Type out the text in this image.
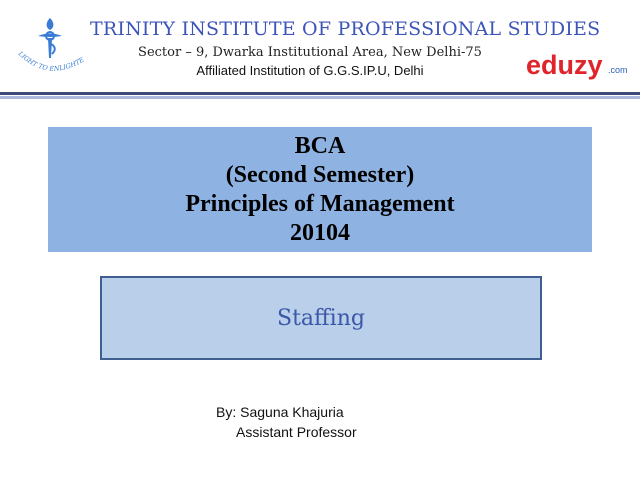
LIGHT TO ENLIGHTE
TRINITY INSTITUTE OF PROFESSIONAL STUDIES
Sector – 9, Dwarka Institutional Area, New Delhi-75
Affiliated Institution of G.G.S.IP.U, Delhi	eduzy .com
BCA
(Second Semester)
Principles of Management
20104
Staffing
By: Saguna Khajuria
Assistant Professor
